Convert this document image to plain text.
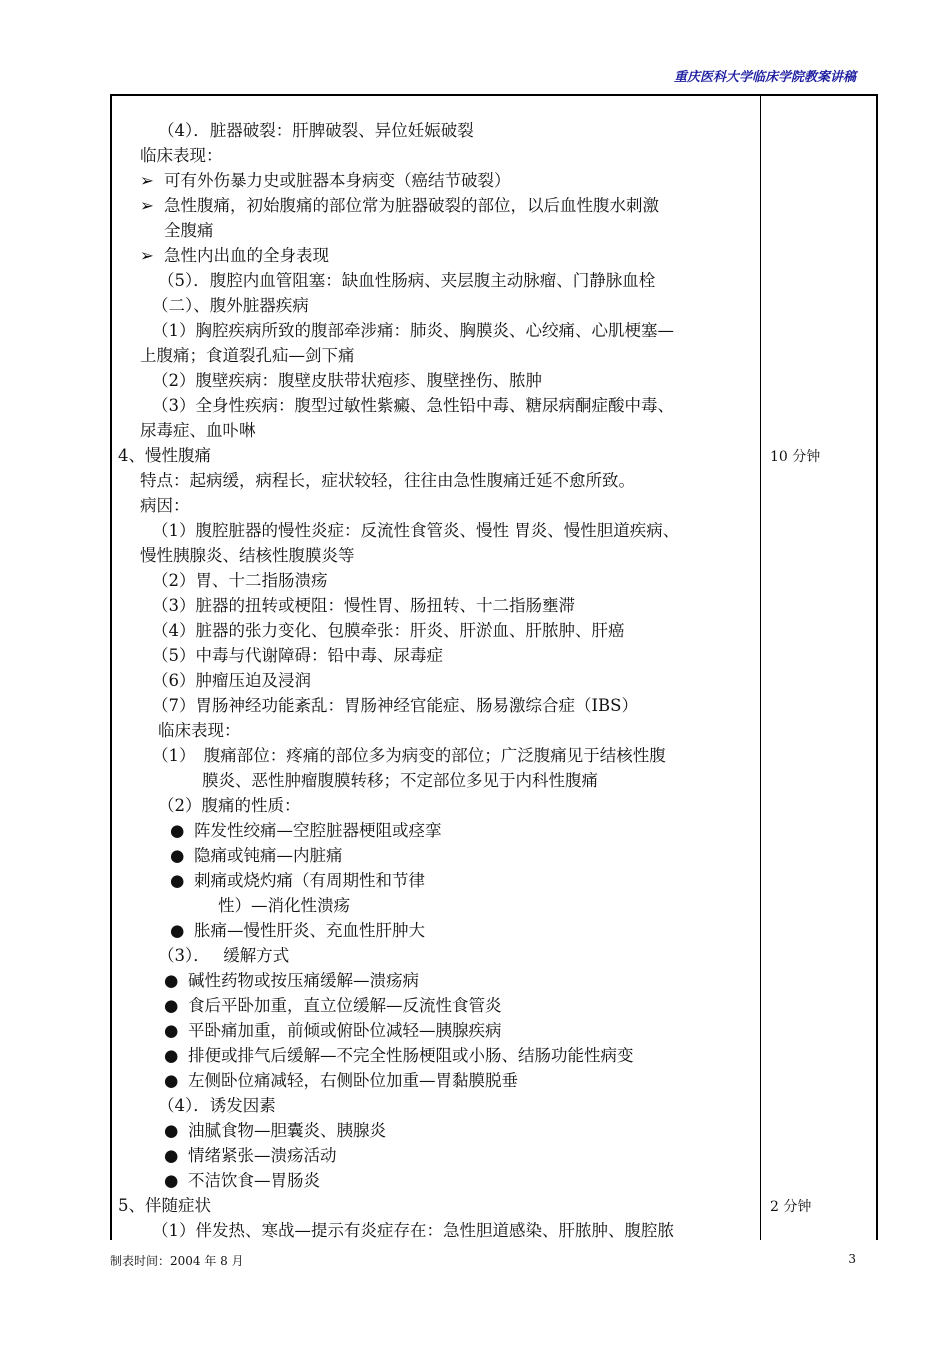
重庆医科大学临床学院教案讲稿
（4）．脏器破裂：肝脾破裂、异位妊娠破裂
临床表现：
➢ 可有外伤暴力史或脏器本身病变（癌结节破裂）
➢ 急性腹痛，初始腹痛的部位常为脏器破裂的部位，以后血性腹水刺激
全腹痛
➢ 急性内出血的全身表现
（5）．腹腔内血管阻塞：缺血性肠病、夹层腹主动脉瘤、门静脉血栓
（二）、腹外脏器疾病
（1）胸腔疾病所致的腹部牵涉痛：肺炎、胸膜炎、心绞痛、心肌梗塞—
上腹痛；食道裂孔疝—剑下痛
（2）腹壁疾病：腹壁皮肤带状疱疹、腹壁挫伤、脓肿
（3）全身性疾病：腹型过敏性紫癜、急性铅中毒、糖尿病酮症酸中毒、
尿毒症、血卟啉
4、慢性腹痛
特点：起病缓，病程长，症状较轻，往往由急性腹痛迁延不愈所致。
病因：
（1）腹腔脏器的慢性炎症：反流性食管炎、慢性 胃炎、慢性胆道疾病、
慢性胰腺炎、结核性腹膜炎等
（2）胃、十二指肠溃疡
（3）脏器的扭转或梗阻：慢性胃、肠扭转、十二指肠壅滞
（4）脏器的张力变化、包膜牵张：肝炎、肝淤血、肝脓肿、肝癌
（5）中毒与代谢障碍：铅中毒、尿毒症
（6）肿瘤压迫及浸润
（7）胃肠神经功能紊乱：胃肠神经官能症、肠易激综合症（IBS）
临床表现：
（1）　腹痛部位：疼痛的部位多为病变的部位；广泛腹痛见于结核性腹
膜炎、恶性肿瘤腹膜转移；不定部位多见于内科性腹痛
（2）腹痛的性质：
● 阵发性绞痛—空腔脏器梗阻或痉挛
● 隐痛或钝痛—内脏痛
● 刺痛或烧灼痛（有周期性和节律
性）—消化性溃疡
● 胀痛—慢性肝炎、充血性肝肿大
（3）．　 缓解方式
● 碱性药物或按压痛缓解—溃疡病
● 食后平卧加重，直立位缓解—反流性食管炎
● 平卧痛加重，前倾或俯卧位减轻—胰腺疾病
● 排便或排气后缓解—不完全性肠梗阻或小肠、结肠功能性病变
● 左侧卧位痛减轻，右侧卧位加重—胃黏膜脱垂
（4）．诱发因素
● 油腻食物—胆囊炎、胰腺炎
● 情绪紧张—溃疡活动
● 不洁饮食—胃肠炎
5、伴随症状
（1）伴发热、寒战—提示有炎症存在：急性胆道感染、肝脓肿、腹腔脓
10 分钟
2 分钟
制表时间：2004 年 8 月	3
